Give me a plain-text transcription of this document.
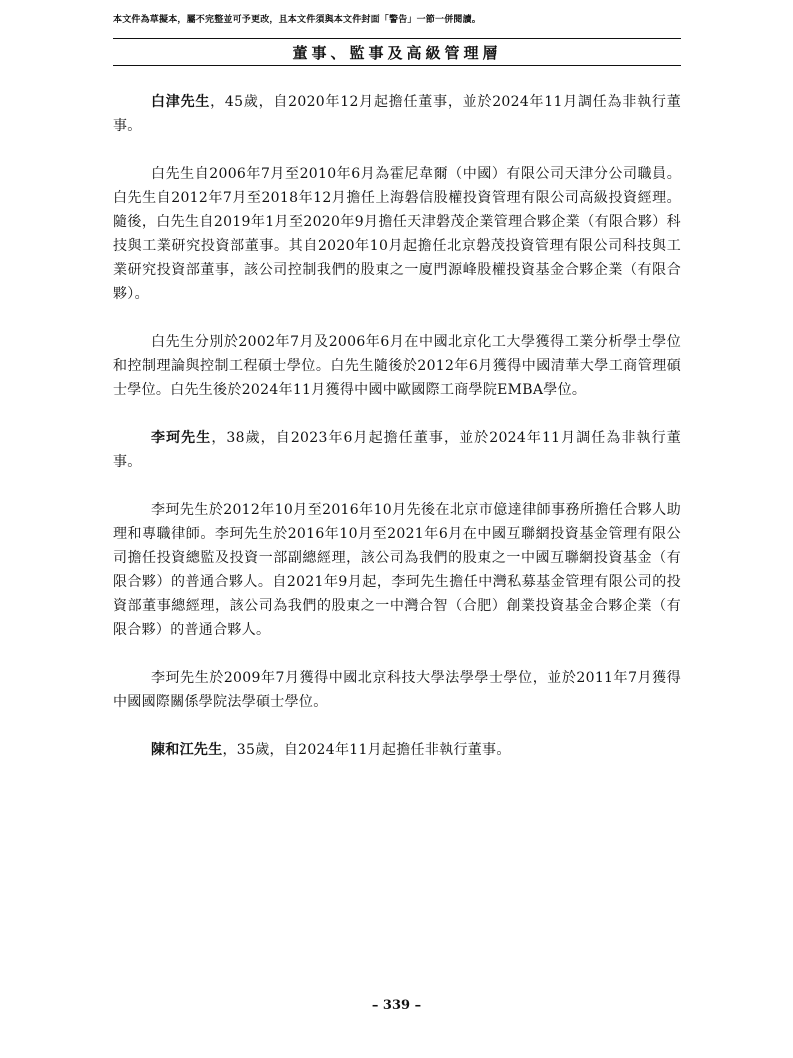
本文件為草擬本，屬不完整並可予更改，且本文件須與本文件封面「警告」一節一併閱讀。
董事、監事及高級管理層

白津先生，45歲，自2020年12月起擔任董事，並於2024年11月調任為非執行董事。

白先生自2006年7月至2010年6月為霍尼韋爾（中國）有限公司天津分公司職員。白先生自2012年7月至2018年12月擔任上海磐信股權投資管理有限公司高級投資經理。隨後，白先生自2019年1月至2020年9月擔任天津磐茂企業管理合夥企業（有限合夥）科技與工業研究投資部董事。其自2020年10月起擔任北京磐茂投資管理有限公司科技與工業研究投資部董事，該公司控制我們的股東之一廈門源峰股權投資基金合夥企業（有限合夥）。

白先生分別於2002年7月及2006年6月在中國北京化工大學獲得工業分析學士學位和控制理論與控制工程碩士學位。白先生隨後於2012年6月獲得中國清華大學工商管理碩士學位。白先生後於2024年11月獲得中國中歐國際工商學院EMBA學位。

李珂先生，38歲，自2023年6月起擔任董事，並於2024年11月調任為非執行董事。

李珂先生於2012年10月至2016年10月先後在北京市億達律師事務所擔任合夥人助理和專職律師。李珂先生於2016年10月至2021年6月在中國互聯網投資基金管理有限公司擔任投資總監及投資一部副總經理，該公司為我們的股東之一中國互聯網投資基金（有限合夥）的普通合夥人。自2021年9月起，李珂先生擔任中灣私募基金管理有限公司的投資部董事總經理，該公司為我們的股東之一中灣合智（合肥）創業投資基金合夥企業（有限合夥）的普通合夥人。

李珂先生於2009年7月獲得中國北京科技大學法學學士學位，並於2011年7月獲得中國國際關係學院法學碩士學位。

陳和江先生，35歲，自2024年11月起擔任非執行董事。

– 339 –
